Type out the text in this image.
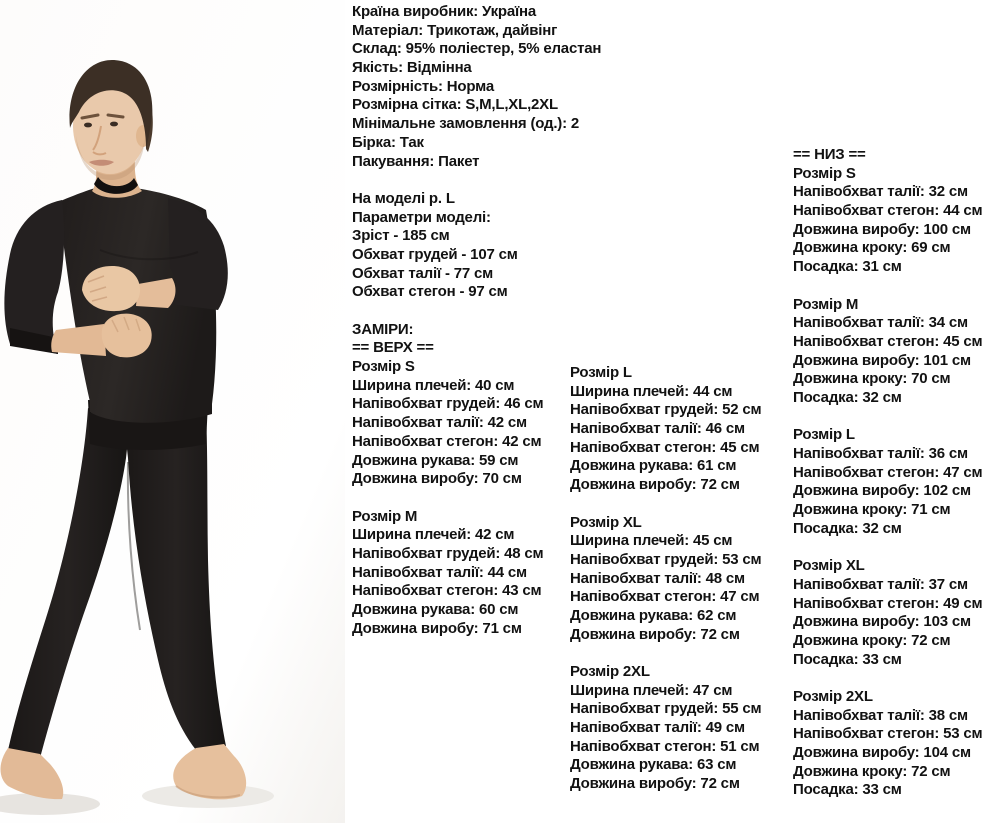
Країна виробник: Україна
Матеріал: Трикотаж, дайвінг
Склад: 95% поліестер, 5% еластан
Якість: Відмінна
Розмірність: Норма
Розмірна сітка: S,M,L,XL,2XL
Мінімальне замовлення (од.): 2
Бірка: Так
Пакування: Пакет
На моделі р. L
Параметри моделі:
Зріст - 185 см
Обхват грудей - 107 см
Обхват талії - 77 см
Обхват стегон - 97 см
ЗАМІРИ:
== ВЕРХ ==
Розмір S
Ширина плечей: 40 см
Напівобхват грудей: 46 см
Напівобхват талії: 42 см
Напівобхват стегон: 42 см
Довжина рукава: 59 см
Довжина виробу: 70 см
Розмір M
Ширина плечей: 42 см
Напівобхват грудей: 48 см
Напівобхват талії: 44 см
Напівобхват стегон: 43 см
Довжина рукава: 60 см
Довжина виробу: 71 см
Розмір L
Ширина плечей: 44 см
Напівобхват грудей: 52 см
Напівобхват талії: 46 см
Напівобхват стегон: 45 см
Довжина рукава: 61 см
Довжина виробу: 72 см
Розмір XL
Ширина плечей: 45 см
Напівобхват грудей: 53 см
Напівобхват талії: 48 см
Напівобхват стегон: 47 см
Довжина рукава: 62 см
Довжина виробу: 72 см
Розмір 2XL
Ширина плечей: 47 см
Напівобхват грудей: 55 см
Напівобхват талії: 49 см
Напівобхват стегон: 51 см
Довжина рукава: 63 см
Довжина виробу: 72 см
== НИЗ ==
Розмір S
Напівобхват талії: 32 см
Напівобхват стегон: 44 см
Довжина виробу: 100 см
Довжина кроку: 69 см
Посадка: 31 см
Розмір M
Напівобхват талії: 34 см
Напівобхват стегон: 45 см
Довжина виробу: 101 см
Довжина кроку: 70 см
Посадка: 32 см
Розмір L
Напівобхват талії: 36 см
Напівобхват стегон: 47 см
Довжина виробу: 102 см
Довжина кроку: 71 см
Посадка: 32 см
Розмір XL
Напівобхват талії: 37 см
Напівобхват стегон: 49 см
Довжина виробу: 103 см
Довжина кроку: 72 см
Посадка: 33 см
Розмір 2XL
Напівобхват талії: 38 см
Напівобхват стегон: 53 см
Довжина виробу: 104 см
Довжина кроку: 72 см
Посадка: 33 см
